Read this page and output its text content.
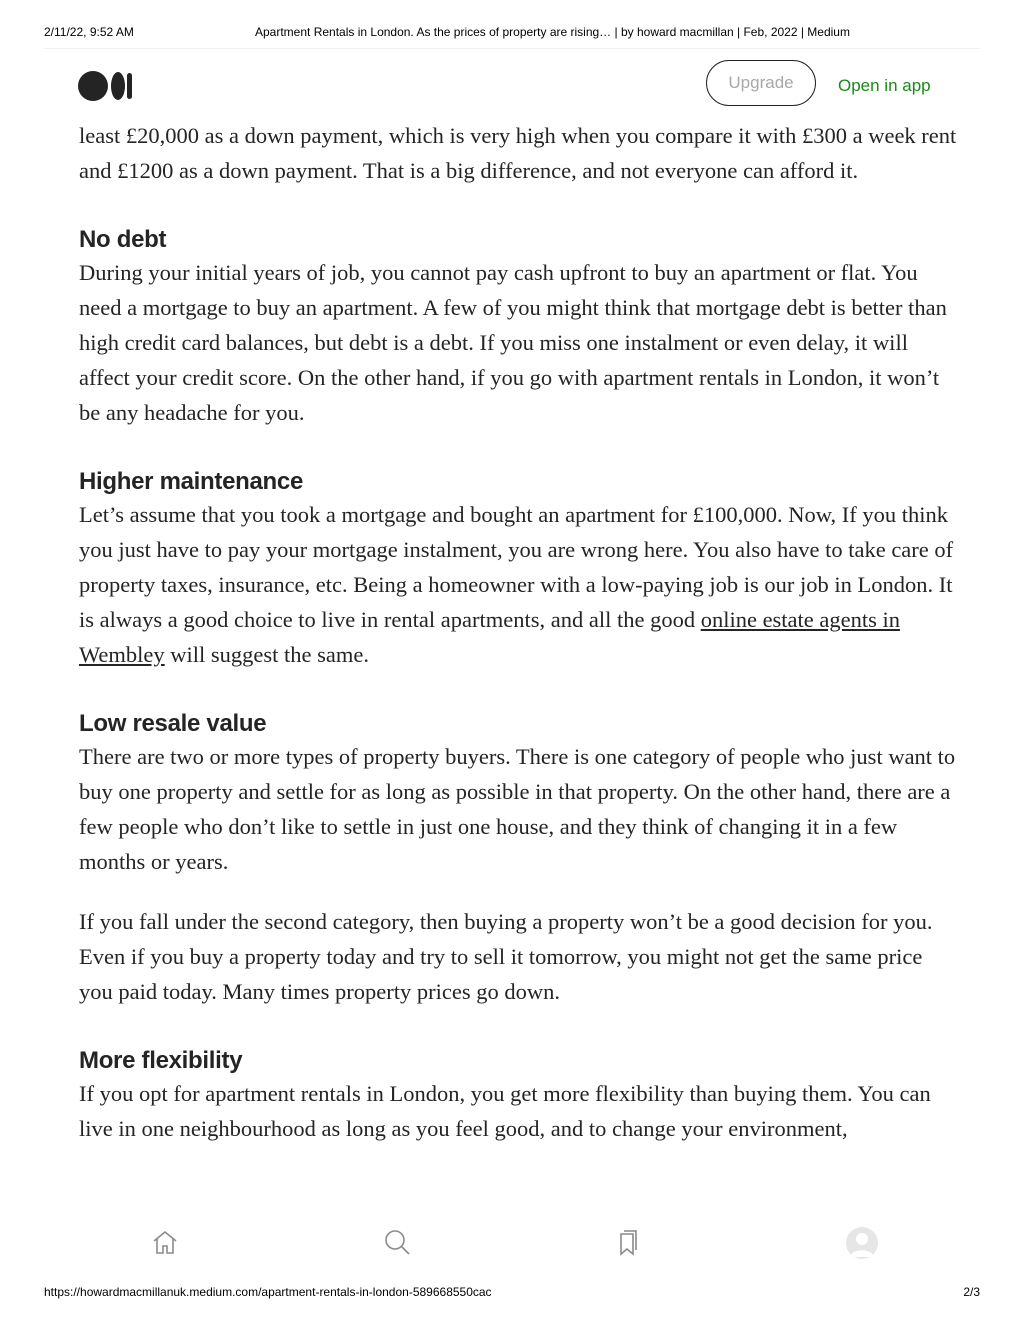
2/11/22, 9:52 AM	Apartment Rentals in London. As the prices of property are rising… | by howard macmillan | Feb, 2022 | Medium
Upgrade	Open in app

least £20,000 as a down payment, which is very high when you compare it with £300 a week rent and £1200 as a down payment. That is a big difference, and not everyone can afford it.

No debt

During your initial years of job, you cannot pay cash upfront to buy an apartment or flat. You need a mortgage to buy an apartment. A few of you might think that mortgage debt is better than high credit card balances, but debt is a debt. If you miss one instalment or even delay, it will affect your credit score. On the other hand, if you go with apartment rentals in London, it won’t be any headache for you.

Higher maintenance

Let’s assume that you took a mortgage and bought an apartment for £100,000. Now, If you think you just have to pay your mortgage instalment, you are wrong here. You also have to take care of property taxes, insurance, etc. Being a homeowner with a low-paying job is our job in London. It is always a good choice to live in rental apartments, and all the good online estate agents in Wembley will suggest the same.

Low resale value

There are two or more types of property buyers. There is one category of people who just want to buy one property and settle for as long as possible in that property. On the other hand, there are a few people who don’t like to settle in just one house, and they think of changing it in a few months or years.

If you fall under the second category, then buying a property won’t be a good decision for you. Even if you buy a property today and try to sell it tomorrow, you might not get the same price you paid today. Many times property prices go down.

More flexibility

If you opt for apartment rentals in London, you get more flexibility than buying them. You can live in one neighbourhood as long as you feel good, and to change your environment,

https://howardmacmillanuk.medium.com/apartment-rentals-in-london-589668550cac	2/3
